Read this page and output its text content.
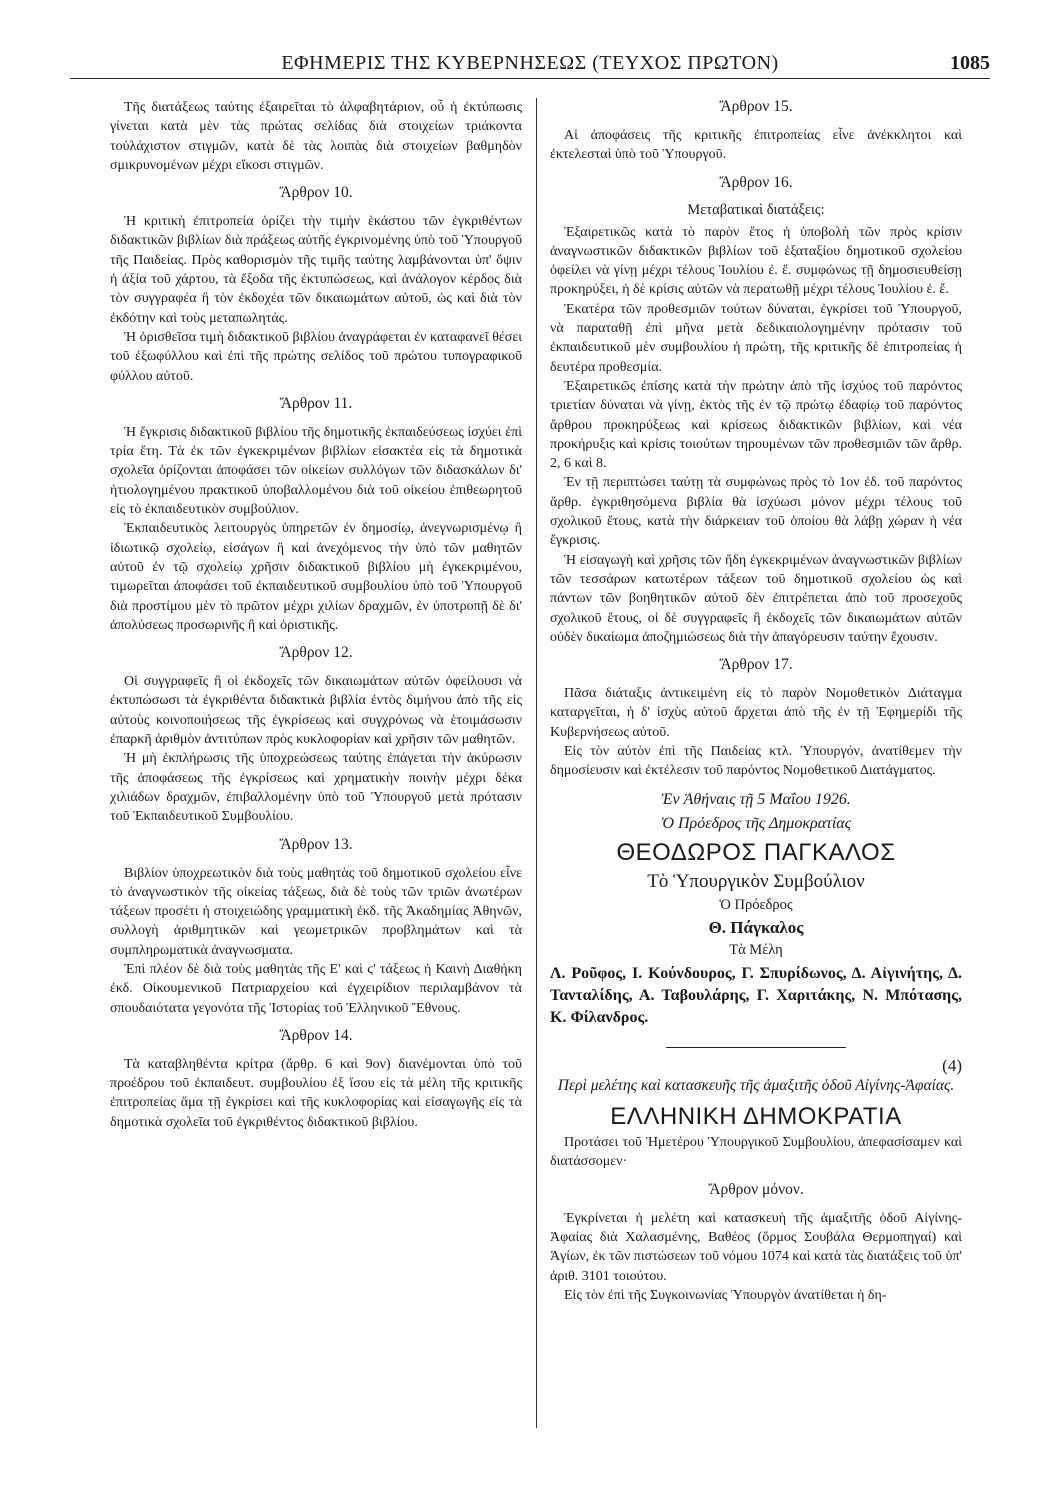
ΕΦΗΜΕΡΙΣ ΤΗΣ ΚΥΒΕΡΝΗΣΕΩΣ (ΤΕΥΧΟΣ ΠΡΩΤΟΝ)	1085

Τῆς διατάξεως ταύτης ἐξαιρεῖται τὸ ἀλφαβητάριον, οὗ ἡ ἐκτύπωσις γίνεται κατὰ μὲν τὰς πρώτας σελίδας διὰ στοιχείων τριάκοντα τοὐλάχιστον στιγμῶν, κατὰ δὲ τὰς λοιπὰς διὰ στοιχείων βαθμηδὸν σμικρυνομένων μέχρι εἴκοσι στιγμῶν.

Ἄρθρον 10.

Ἡ κριτικὴ ἐπιτροπεία ὁρίζει τὴν τιμὴν ἑκάστου τῶν ἐγκριθέντων διδακτικῶν βιβλίων διὰ πράξεως αὐτῆς ἐγκρινομένης ὑπὸ τοῦ Ὑπουργοῦ τῆς Παιδείας. Πρὸς καθορισμὸν τῆς τιμῆς ταύτης λαμβάνονται ὑπ' ὄψιν ἡ ἀξία τοῦ χάρτου, τὰ ἔξοδα τῆς ἐκτυπώσεως, καὶ ἀνάλογον κέρδος διὰ τὸν συγγραφέα ἢ τὸν ἐκδοχέα τῶν δικαιωμάτων αὐτοῦ, ὡς καὶ διὰ τὸν ἐκδότην καὶ τοὺς μεταπωλητάς.

Ἡ ὁρισθεῖσα τιμὴ διδακτικοῦ βιβλίου ἀναγράφεται ἐν καταφανεῖ θέσει τοῦ ἐξωφύλλου καὶ ἐπὶ τῆς πρώτης σελίδος τοῦ πρώτου τυπογραφικοῦ φύλλου αὐτοῦ.

Ἄρθρον 11.

Ἡ ἔγκρισις διδακτικοῦ βιβλίου τῆς δημοτικῆς ἐκπαιδεύσεως ἰσχύει ἐπὶ τρία ἔτη. Τὰ ἐκ τῶν ἐγκεκριμένων βιβλίων εἰσακτέα εἰς τὰ δημοτικὰ σχολεῖα ὁρίζονται ἀποφάσει τῶν οἰκείων συλλόγων τῶν διδασκάλων δι' ἠτιολογημένου πρακτικοῦ ὑποβαλλομένου διὰ τοῦ οἰκείου ἐπιθεωρητοῦ εἰς τὸ ἐκπαιδευτικὸν συμβούλιον.

Ἐκπαιδευτικὸς λειτουργὸς ὑπηρετῶν ἐν δημοσίῳ, ἀνεγνωρισμένῳ ἢ ἰδιωτικῷ σχολείῳ, εἰσάγων ἢ καὶ ἀνεχόμενος τὴν ὑπὸ τῶν μαθητῶν αὐτοῦ ἐν τῷ σχολείῳ χρῆσιν διδακτικοῦ βιβλίου μὴ ἐγκεκριμένου, τιμωρεῖται ἀποφάσει τοῦ ἐκπαιδευτικοῦ συμβουλίου ὑπὸ τοῦ Ὑπουργοῦ διὰ προστίμου μὲν τὸ πρῶτον μέχρι χιλίων δραχμῶν, ἐν ὑποτροπῇ δὲ δι' ἀπολύσεως προσωρινῆς ἢ καὶ ὁριστικῆς.

Ἄρθρον 12.

Οἱ συγγραφεῖς ἢ οἱ ἐκδοχεῖς τῶν δικαιωμάτων αὐτῶν ὀφείλουσι νὰ ἐκτυπώσωσι τὰ ἐγκριθέντα διδακτικὰ βιβλία ἐντὸς διμήνου ἀπὸ τῆς εἰς αὐτοὺς κοινοποιήσεως τῆς ἐγκρίσεως καὶ συγχρόνως νὰ ἑτοιμάσωσιν ἐπαρκῆ ἀριθμὸν ἀντιτύπων πρὸς κυκλοφορίαν καὶ χρῆσιν τῶν μαθητῶν.

Ἡ μὴ ἐκπλήρωσις τῆς ὑποχρεώσεως ταύτης ἐπάγεται τὴν ἀκύρωσιν τῆς ἀποφάσεως τῆς ἐγκρίσεως καὶ χρηματικὴν ποινὴν μέχρι δέκα χιλιάδων δραχμῶν, ἐπιβαλλομένην ὑπὸ τοῦ Ὑπουργοῦ μετὰ πρότασιν τοῦ Ἐκπαιδευτικοῦ Συμβουλίου.

Ἄρθρον 13.

Βιβλίον ὑποχρεωτικὸν διὰ τοὺς μαθητὰς τοῦ δημοτικοῦ σχολείου εἶνε τὸ ἀναγνωστικὸν τῆς οἰκείας τάξεως, διὰ δὲ τοὺς τῶν τριῶν ἀνωτέρων τάξεων προσέτι ἡ στοιχειώδης γραμματικὴ ἐκδ. τῆς Ἀκαδημίας Ἀθηνῶν, συλλογὴ ἀριθμητικῶν καὶ γεωμετρικῶν προβλημάτων καὶ τὰ συμπληρωματικὰ ἀναγνωσματα.

Ἐπὶ πλέον δὲ διὰ τοὺς μαθητὰς τῆς Ε' καὶ ϛ' τάξεως ἡ Καινὴ Διαθήκη ἐκδ. Οἰκουμενικοῦ Πατριαρχείου καὶ ἐγχειρίδιον περιλαμβάνον τὰ σπουδαιότατα γεγονότα τῆς Ἱστορίας τοῦ Ἑλληνικοῦ Ἔθνους.

Ἄρθρον 14.

Τὰ καταβληθέντα κρίτρα (ἄρθρ. 6 καὶ 9ον) διανέμονται ὑπὸ τοῦ προέδρου τοῦ ἐκπαιδευτ. συμβουλίου ἐξ ἴσου εἰς τὰ μέλη τῆς κριτικῆς ἐπιτροπείας ἅμα τῇ ἐγκρίσει καὶ τῆς κυκλοφορίας καὶ εἰσαγωγῆς εἰς τὰ δημοτικὰ σχολεῖα τοῦ ἐγκριθέντος διδακτικοῦ βιβλίου.

Ἄρθρον 15.

Αἱ ἀποφάσεις τῆς κριτικῆς ἐπιτροπείας εἶνε ἀνέκκλητοι καὶ ἐκτελεσταὶ ὑπὸ τοῦ Ὑπουργοῦ.

Ἄρθρον 16.
Μεταβατικαὶ διατάξεις:

Ἐξαιρετικῶς κατὰ τὸ παρὸν ἔτος ἡ ὑποβολὴ τῶν πρὸς κρίσιν ἀναγνωστικῶν διδακτικῶν βιβλίων τοῦ ἑξαταξίου δημοτικοῦ σχολείου ὀφείλει νὰ γίνῃ μέχρι τέλους Ἰουλίου ἐ. ἔ. συμφώνως τῇ δημοσιευθείσῃ προκηρύξει, ἡ δὲ κρίσις αὐτῶν νὰ περατωθῇ μέχρι τέλους Ἰουλίου ἐ. ἔ.

Ἑκατέρα τῶν προθεσμιῶν τούτων δύναται, ἐγκρίσει τοῦ Ὑπουργοῦ, νὰ παραταθῇ ἐπὶ μῆνα μετὰ δεδικαιολογημένην πρότασιν τοῦ ἐκπαιδευτικοῦ μὲν συμβουλίου ἡ πρώτη, τῆς κριτικῆς δὲ ἐπιτροπείας ἡ δευτέρα προθεσμία.

Ἐξαιρετικῶς ἐπίσης κατὰ τὴν πρώτην ἀπὸ τῆς ἰσχύος τοῦ παρόντος τριετίαν δύναται νὰ γίνῃ, ἐκτὸς τῆς ἐν τῷ πρώτῳ ἐδαφίῳ τοῦ παρόντος ἄρθρου προκηρύξεως καὶ κρίσεως διδακτικῶν βιβλίων, καὶ νέα προκήρυξις καὶ κρίσις τοιούτων τηρουμένων τῶν προθεσμιῶν τῶν ἄρθρ. 2, 6 καὶ 8.

Ἐν τῇ περιπτώσει ταύτῃ τὰ συμφώνως πρὸς τὸ 1ον ἐδ. τοῦ παρόντος ἄρθρ. ἐγκριθησόμενα βιβλία θὰ ἰσχύωσι μόνον μέχρι τέλους τοῦ σχολικοῦ ἔτους, κατὰ τὴν διάρκειαν τοῦ ὁποίου θὰ λάβῃ χώραν ἡ νέα ἔγκρισις.

Ἡ εἰσαγωγὴ καὶ χρῆσις τῶν ἤδη ἐγκεκριμένων ἀναγνωστικῶν βιβλίων τῶν τεσσάρων κατωτέρων τάξεων τοῦ δημοτικοῦ σχολείου ὡς καὶ πάντων τῶν βοηθητικῶν αὐτοῦ δὲν ἐπιτρέπεται ἀπὸ τοῦ προσεχοῦς σχολικοῦ ἔτους, οἱ δὲ συγγραφεῖς ἢ ἐκδοχεῖς τῶν δικαιωμάτων αὐτῶν οὐδὲν δικαίωμα ἀποζημιώσεως διὰ τὴν ἀπαγόρευσιν ταύτην ἔχουσιν.

Ἄρθρον 17.

Πᾶσα διάταξις ἀντικειμένη εἰς τὸ παρὸν Νομοθετικὸν Διάταγμα καταργεῖται, ἡ δ' ἰσχὺς αὐτοῦ ἄρχεται ἀπὸ τῆς ἐν τῇ Ἐφημερίδι τῆς Κυβερνήσεως αὐτοῦ.

Εἰς τὸν αὐτὸν ἐπὶ τῆς Παιδείας κτλ. Ὑπουργόν, ἀνατίθεμεν τὴν δημοσίευσιν καὶ ἐκτέλεσιν τοῦ παρόντος Νομοθετικοῦ Διατάγματος.

Ἐν Ἀθήναις τῇ 5 Μαΐου 1926.
Ὁ Πρόεδρος τῆς Δημοκρατίας
ΘΕΟΔΩΡΟΣ ΠΑΓΚΑΛΟΣ
Τὸ Ὑπουργικὸν Συμβούλιον
Ὁ Πρόεδρος
Θ. Πάγκαλος
Τὰ Μέλη

Λ. Ροῦφος, Ι. Κούνδουρος, Γ. Σπυρίδωνος, Δ. Αἰγινήτης, Δ. Τανταλίδης, Α. Ταβουλάρης, Γ. Χαριτάκης, Ν. Μπότασης, Κ. Φίλανδρος.

(4)

Περὶ μελέτης καὶ κατασκευῆς τῆς ἁμαξιτῆς ὁδοῦ Αἰγίνης-Ἀφαίας.

ΕΛΛΗΝΙΚΗ ΔΗΜΟΚΡΑΤΙΑ

Προτάσει τοῦ Ἡμετέρου Ὑπουργικοῦ Συμβουλίου, ἀπεφασίσαμεν καὶ διατάσσομεν·

Ἄρθρον μόνον.

Ἐγκρίνεται ἡ μελέτη καὶ κατασκευὴ τῆς ἁμαξιτῆς ὁδοῦ Αἰγίνης-Ἀφαίας διὰ Χαλασμένης, Βαθέος (ὅρμος Σουβάλα Θερμοπηγαί) καὶ Ἁγίων, ἐκ τῶν πιστώσεων τοῦ νόμου 1074 καὶ κατὰ τὰς διατάξεις τοῦ ὑπ' ἀριθ. 3101 τοιούτου.

Εἰς τὸν ἐπὶ τῆς Συγκοινωνίας Ὑπουργὸν ἀνατίθεται ἡ δη-
